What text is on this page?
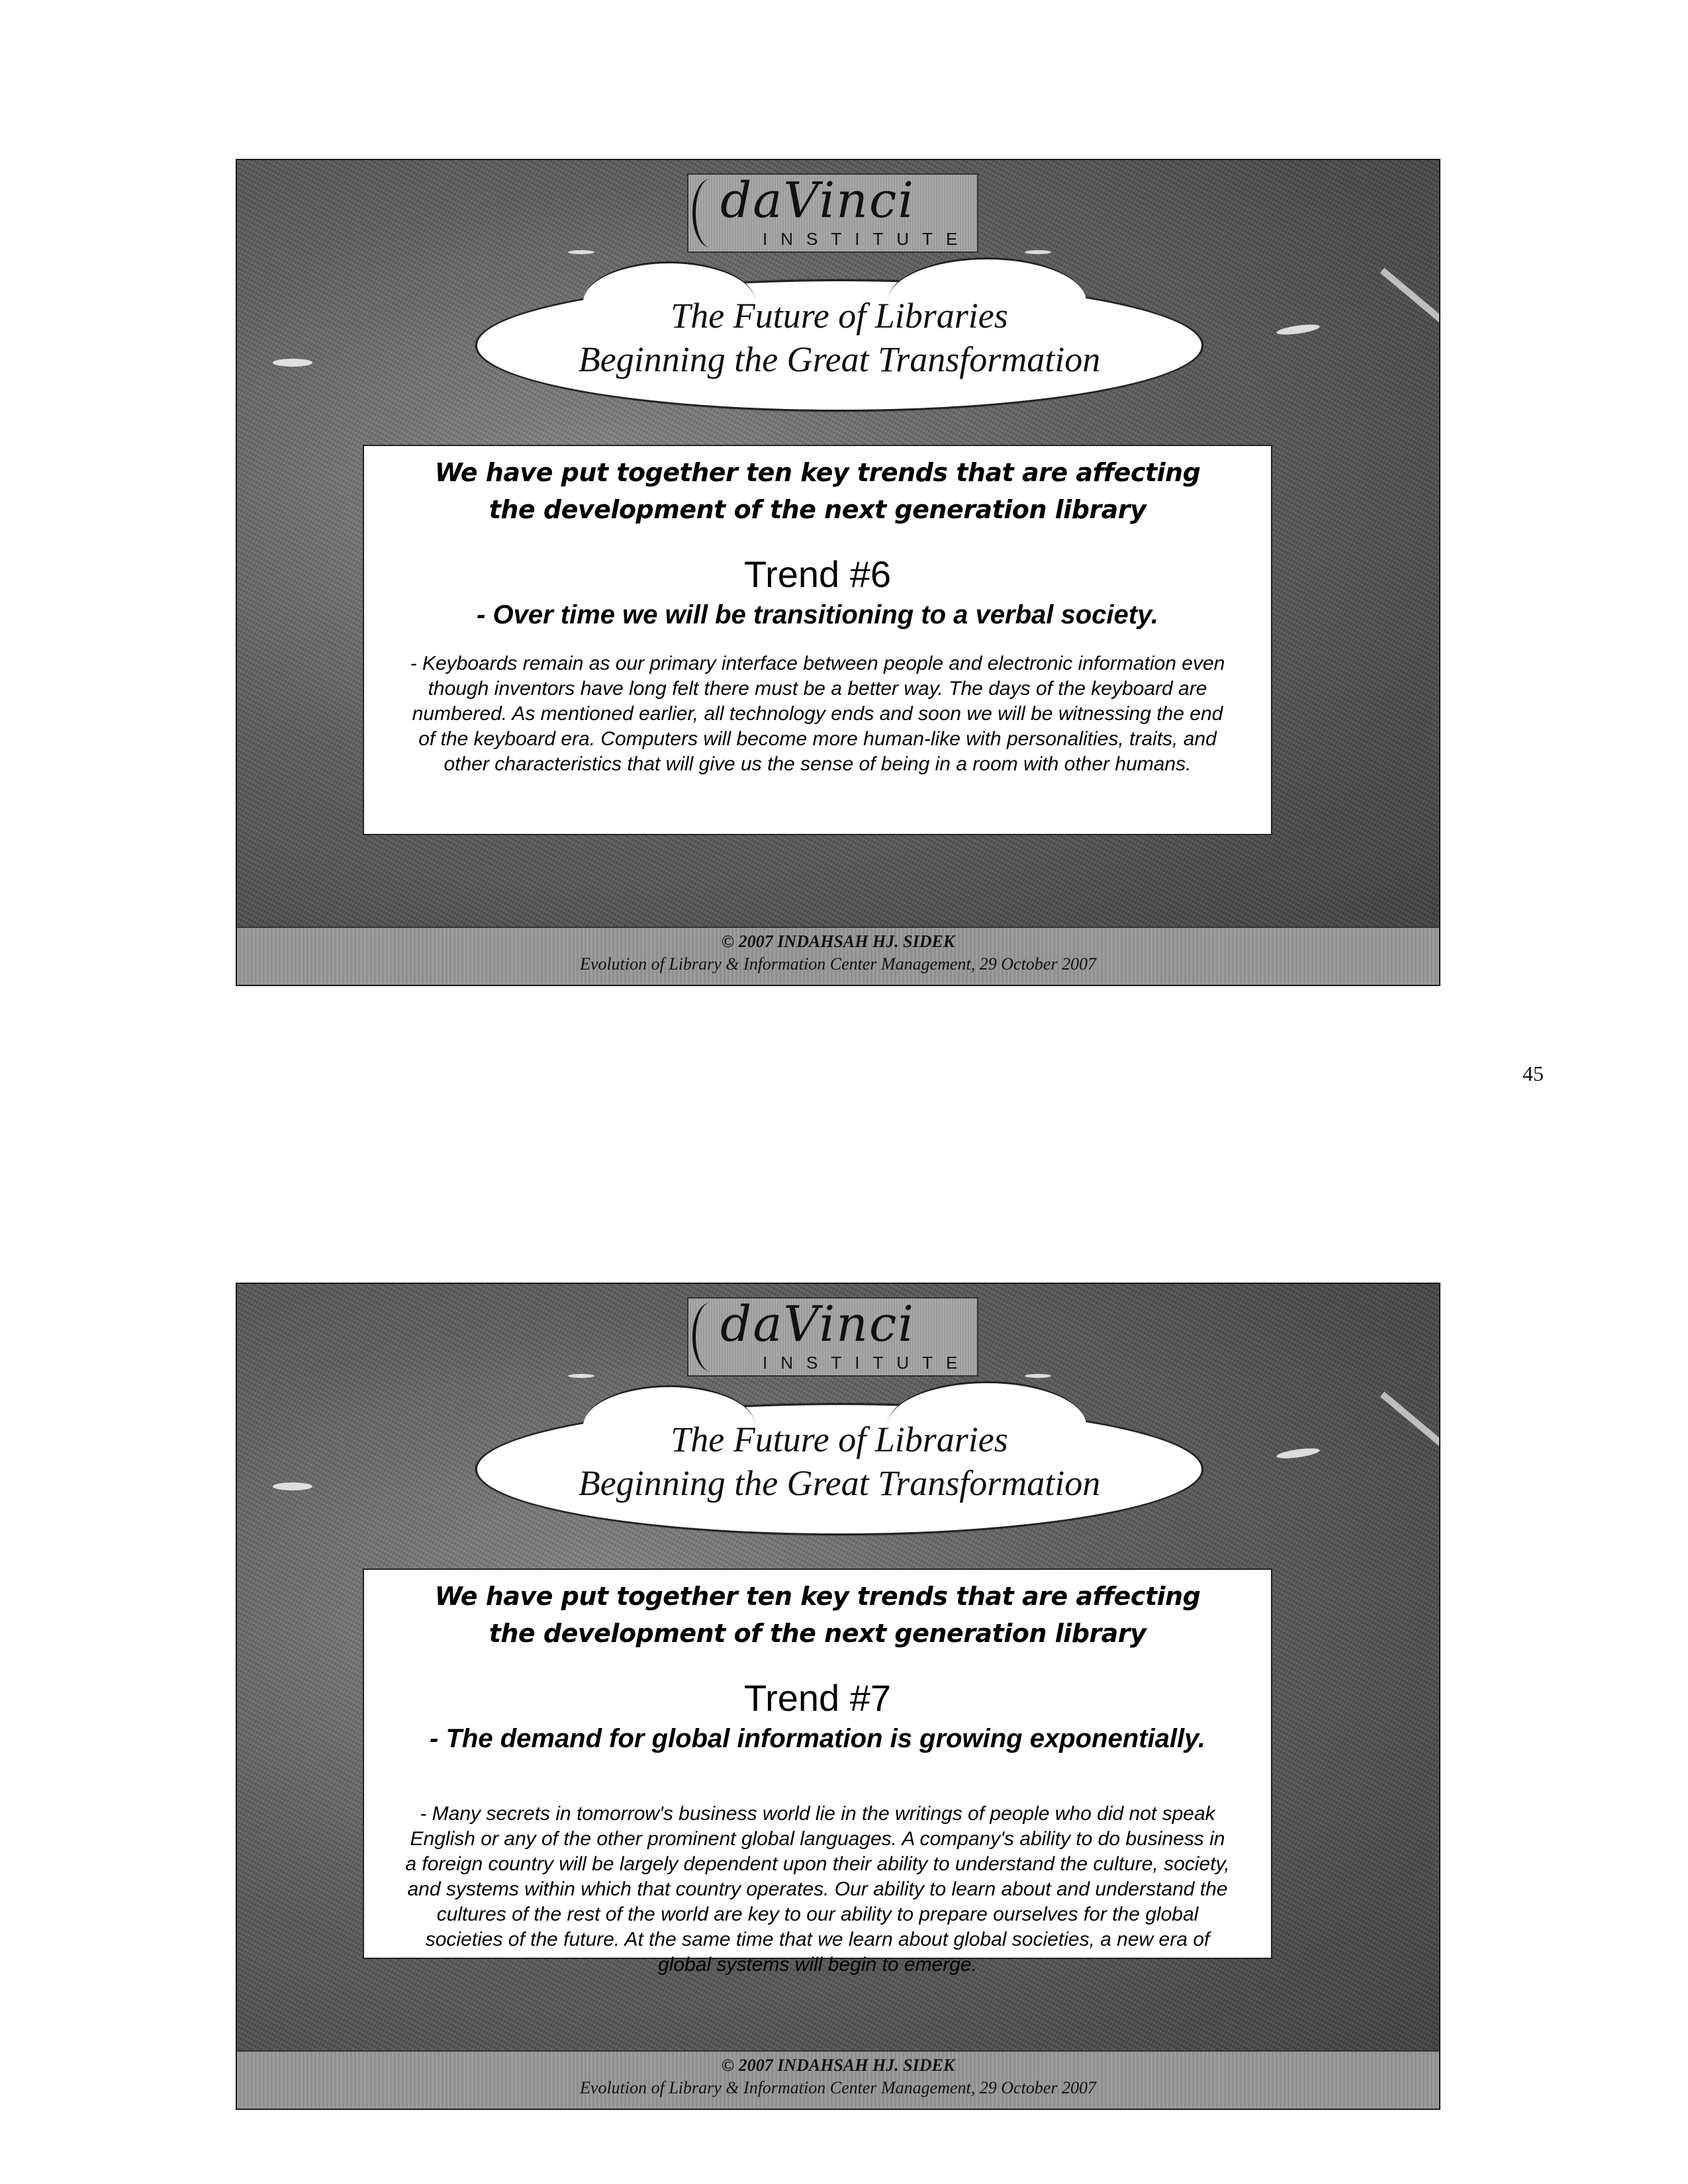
daVinci
INSTITUTE
The Future of Libraries
Beginning the Great Transformation
We have put together ten key trends that are affecting
the development of the next generation library
Trend #6
- Over time we will be transitioning to a verbal society.
- Keyboards remain as our primary interface between people and electronic information even though inventors have long felt there must be a better way. The days of the keyboard are numbered. As mentioned earlier, all technology ends and soon we will be witnessing the end of the keyboard era. Computers will become more human-like with personalities, traits, and other characteristics that will give us the sense of being in a room with other humans.
© 2007 INDAHSAH HJ. SIDEK
Evolution of Library & Information Center Management, 29 October 2007
45
daVinci
INSTITUTE
The Future of Libraries
Beginning the Great Transformation
We have put together ten key trends that are affecting
the development of the next generation library
Trend #7
- The demand for global information is growing exponentially.
- Many secrets in tomorrow's business world lie in the writings of people who did not speak English or any of the other prominent global languages. A company's ability to do business in a foreign country will be largely dependent upon their ability to understand the culture, society, and systems within which that country operates. Our ability to learn about and understand the cultures of the rest of the world are key to our ability to prepare ourselves for the global societies of the future. At the same time that we learn about global societies, a new era of global systems will begin to emerge.
© 2007 INDAHSAH HJ. SIDEK
Evolution of Library & Information Center Management, 29 October 2007
